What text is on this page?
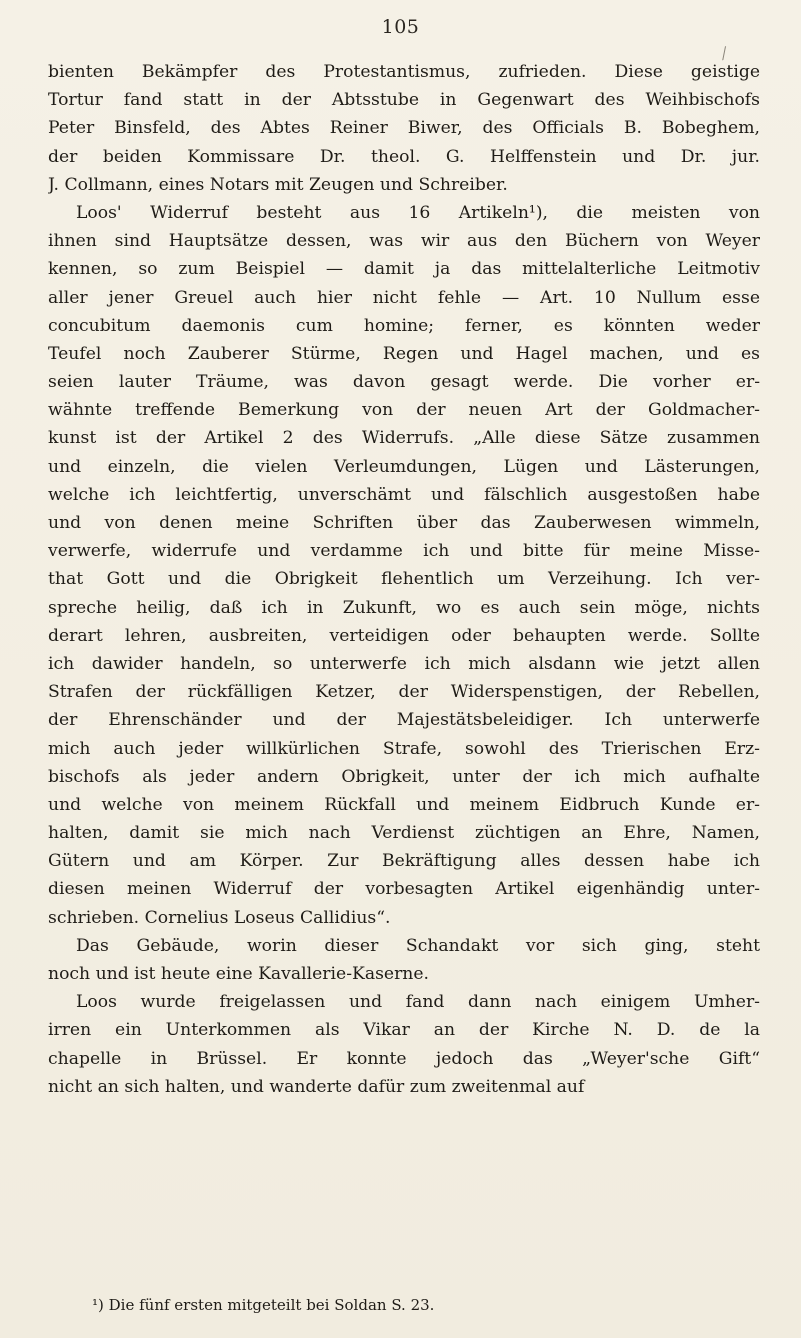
105
⁄
bienten Bekämpfer des Protestantismus, zufrieden. Diese geistige
Tortur fand statt in der Abtsstube in Gegenwart des Weihbischofs
Peter Binsfeld, des Abtes Reiner Biwer, des Officials B. Bobeghem,
der beiden Kommissare Dr. theol. G. Helffenstein und Dr. jur.
J. Collmann, eines Notars mit Zeugen und Schreiber.
Loos' Widerruf besteht aus 16 Artikeln¹), die meisten von
ihnen sind Hauptsätze dessen, was wir aus den Büchern von Weyer
kennen, so zum Beispiel — damit ja das mittelalterliche Leitmotiv
aller jener Greuel auch hier nicht fehle — Art. 10 Nullum esse
concubitum daemonis cum homine; ferner, es könnten weder
Teufel noch Zauberer Stürme, Regen und Hagel machen, und es
seien lauter Träume, was davon gesagt werde. Die vorher er-
wähnte treffende Bemerkung von der neuen Art der Goldmacher-
kunst ist der Artikel 2 des Widerrufs. „Alle diese Sätze zusammen
und einzeln, die vielen Verleumdungen, Lügen und Lästerungen,
welche ich leichtfertig, unverschämt und fälschlich ausgestoßen habe
und von denen meine Schriften über das Zauberwesen wimmeln,
verwerfe, widerrufe und verdamme ich und bitte für meine Misse-
that Gott und die Obrigkeit flehentlich um Verzeihung. Ich ver-
spreche heilig, daß ich in Zukunft, wo es auch sein möge, nichts
derart lehren, ausbreiten, verteidigen oder behaupten werde. Sollte
ich dawider handeln, so unterwerfe ich mich alsdann wie jetzt allen
Strafen der rückfälligen Ketzer, der Widerspenstigen, der Rebellen,
der Ehrenschänder und der Majestätsbeleidiger. Ich unterwerfe
mich auch jeder willkürlichen Strafe, sowohl des Trierischen Erz-
bischofs als jeder andern Obrigkeit, unter der ich mich aufhalte
und welche von meinem Rückfall und meinem Eidbruch Kunde er-
halten, damit sie mich nach Verdienst züchtigen an Ehre, Namen,
Gütern und am Körper. Zur Bekräftigung alles dessen habe ich
diesen meinen Widerruf der vorbesagten Artikel eigenhändig unter-
schrieben. Cornelius Loseus Callidius“.
Das Gebäude, worin dieser Schandakt vor sich ging, steht
noch und ist heute eine Kavallerie-Kaserne.
Loos wurde freigelassen und fand dann nach einigem Umher-
irren ein Unterkommen als Vikar an der Kirche N. D. de la
chapelle in Brüssel. Er konnte jedoch das „Weyer'sche Gift“
nicht an sich halten, und wanderte dafür zum zweitenmal auf
¹) Die fünf ersten mitgeteilt bei Soldan S. 23.
